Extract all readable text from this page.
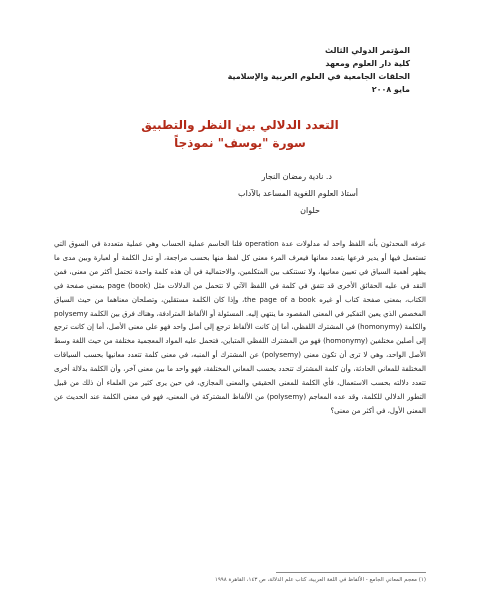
المؤتمر الدولي الثالث
كلية دار العلوم ومعهد
الحلقات الجامعية في العلوم العربية والإسلامية
مايو ٢٠٠٨
التعدد الدلالي بين النظر والتطبيق
سورة "يوسف" نموذجاً
د. نادية رمضان النجار
أستاذ العلوم اللغوية المساعد بالآداب
حلوان

عرفه المحدثون بأنه اللفظ واحد له مدلولات عدة operation فلنا الحاسم عملية الحساب وهي عملية متعددة في السوق التي تستعمل فيها أو يدير فرعها بتعدد معانها فيعرف المرء معنى كل لفظ منها بحسب مراجعة، أو تدل الكلمة أو لعبارة وبين مدى ما يظهر أهمية السياق في تعيين معانيها، ولا تستنكف بين المتكلمين، والاحتمالية في أن هذه كلمة واحدة تحتمل أكثر من معنى، فمن النقد في عليه الحقائق الأخرى قد تتفق في كلمة في اللفظ الآتي لا تتحمل من الدلالات مثل page (book) بمعنى صفحة في الكتاب، بمعنى صفحة كتاب أو غيره the page of a book، وإذا كان الكلمة مستقلين، وتصلحان معناهما من حيث السياق المخصص الذي يعين التفكير في المعنى المقصود ما ينتهي إليه. المسئولة أو الألفاظ المترادفة، وهناك فرق بين الكلمة polysemy والكلمة (homonymy) في المشترك اللفظي، أما إن كانت الألفاظ ترجع إلى أصل واحد فهو على معنى الأصل، أما إن كانت ترجع إلى أصلين مختلفين (homonymy) فهو من المشترك اللفظي المتباين، فتحمل عليه المواد المعجمية مختلفة من حيث اللغة وسط الأصل الواحد، وهي لا ترى أن تكون معنى (polysemy) عن المشترك أو المنبه، في معنى كلمة تتعدد معانيها بحسب السياقات المختلفة للمعاني الحادثة، وأن كلمة المشترك تتحدد بحسب المعاني المختلفة، فهو واحد ما بين معنى آخر، وأن الكلمة بدلالة أخرى تتعدد دلالته بحسب الاستعمال، فأي الكلمة للمعنى الحقيقي والمعنى المجازي، في حين يرى كثير من العلماء أن ذلك من قبيل التطور الدلالي للكلمة، وقد عده المعاجم (polysemy) من الألفاظ المشتركة في المعنى، فهو في معنى الكلمة عند الحديث عن المعنى الأول، في أكثر من معنى؟

(١) معجم المعاني الجامع - الألفاظ في اللغة العربية، كتاب علم الدلالة، ص ١٤٣، القاهرة ١٩٩٨
